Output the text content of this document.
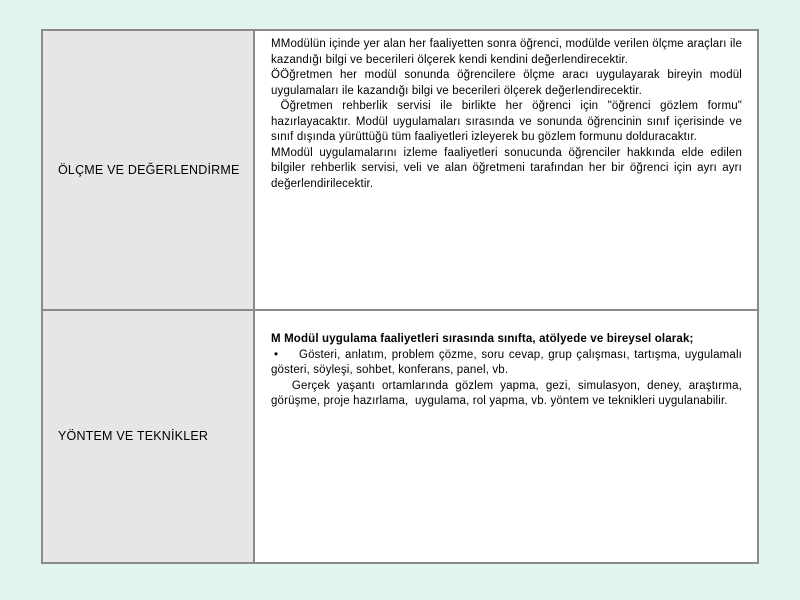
ÖLÇME VE DEĞERLENDİRME

MModülün içinde yer alan her faaliyetten sonra öğrenci, modülde verilen ölçme araçları ile kazandığı bilgi ve becerileri ölçerek kendi kendini değerlendirecektir.

ÖÖğretmen her modül sonunda öğrencilere ölçme aracı uygulayarak bireyin modül uygulamaları ile kazandığı bilgi ve becerileri ölçerek değerlendirecektir.

Öğretmen rehberlik servisi ile birlikte her öğrenci için "öğrenci gözlem formu" hazırlayacaktır. Modül uygulamaları sırasında ve sonunda öğrencinin sınıf içerisinde ve sınıf dışında yürüttüğü tüm faaliyetleri izleyerek bu gözlem formunu dolduracaktır.

MModül uygulamalarını izleme faaliyetleri sonucunda öğrenciler hakkında elde edilen bilgiler rehberlik servisi, veli ve alan öğretmeni tarafından her bir öğrenci için ayrı ayrı değerlendirilecektir.

YÖNTEM VE TEKNİKLER

M Modül uygulama faaliyetleri sırasında sınıfta, atölyede ve bireysel olarak;

• Gösteri, anlatım, problem çözme, soru cevap, grup çalışması, tartışma, uygulamalı gösteri, söyleşi, sohbet, konferans, panel, vb.

Gerçek yaşantı ortamlarında gözlem yapma, gezi, simulasyon, deney, araştırma, görüşme, proje hazırlama,  uygulama, rol yapma, vb. yöntem ve teknikleri uygulanabilir.
